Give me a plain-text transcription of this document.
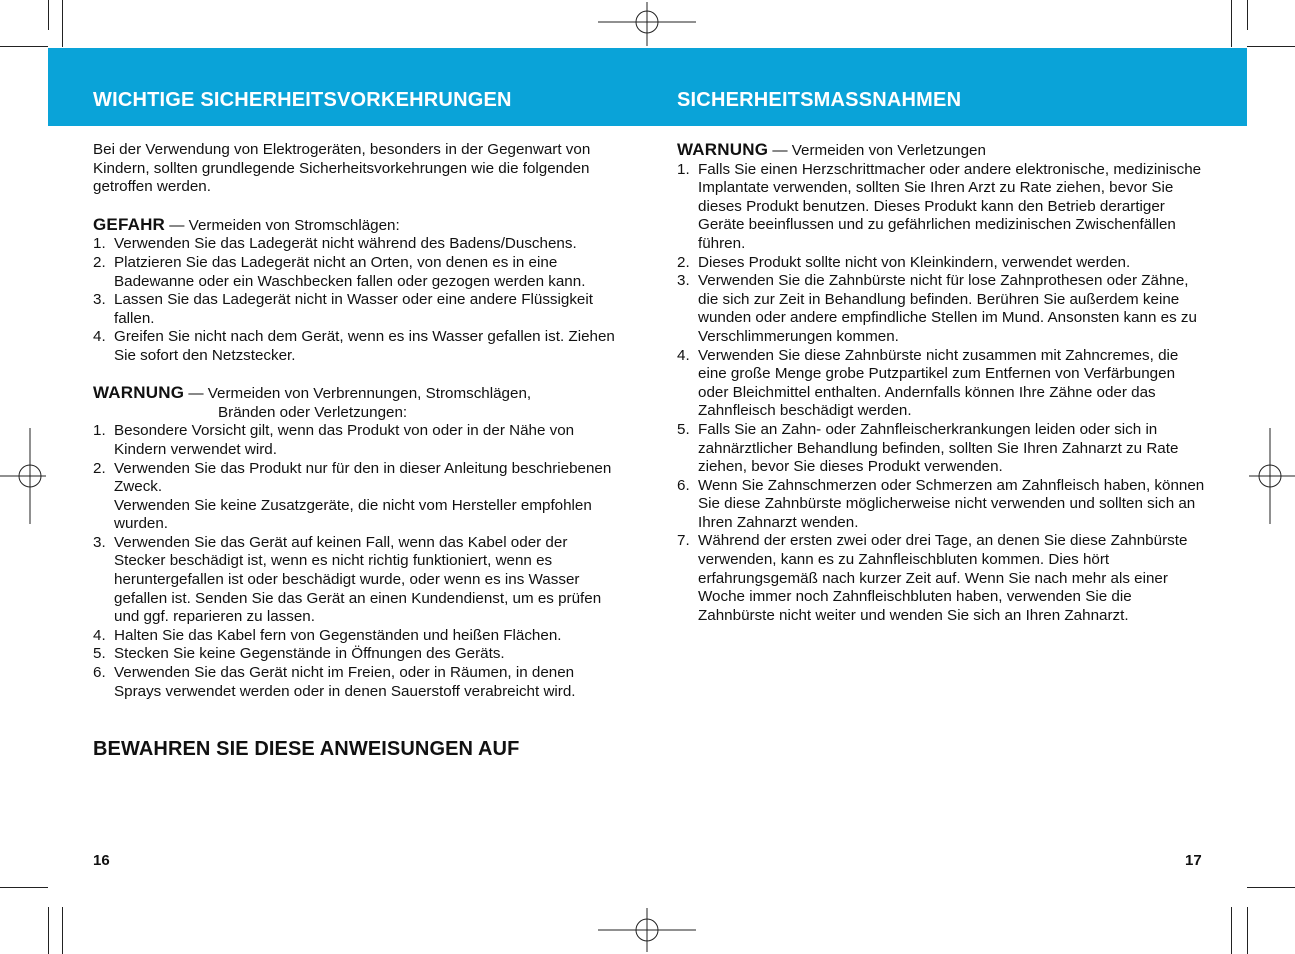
WICHTIGE SICHERHEITSVORKEHRUNGEN	SICHERHEITSMASSNAHMEN

Bei der Verwendung von Elektrogeräten, besonders in der Gegenwart von Kindern, sollten grundlegende Sicherheitsvorkehrungen wie die folgenden getroffen werden.

GEFAHR — Vermeiden von Stromschlägen:

1. Verwenden Sie das Ladegerät nicht während des Badens/Duschens.
2. Platzieren Sie das Ladegerät nicht an Orten, von denen es in eine Badewanne oder ein Waschbecken fallen oder gezogen werden kann.
3. Lassen Sie das Ladegerät nicht in Wasser oder eine andere Flüssigkeit fallen.
4. Greifen Sie nicht nach dem Gerät, wenn es ins Wasser gefallen ist. Ziehen Sie sofort den Netzstecker.

WARNUNG — Vermeiden von Verbrennungen, Stromschlägen,

Bränden oder Verletzungen:

1. Besondere Vorsicht gilt, wenn das Produkt von oder in der Nähe von Kindern verwendet wird.
2. Verwenden Sie das Produkt nur für den in dieser Anleitung beschriebenen Zweck.
Verwenden Sie keine Zusatzgeräte, die nicht vom Hersteller empfohlen wurden.
3. Verwenden Sie das Gerät auf keinen Fall, wenn das Kabel oder der Stecker beschädigt ist, wenn es nicht richtig funktioniert, wenn es heruntergefallen ist oder beschädigt wurde, oder wenn es ins Wasser gefallen ist. Senden Sie das Gerät an einen Kundendienst, um es prüfen und ggf. reparieren zu lassen.
4. Halten Sie das Kabel fern von Gegenständen und heißen Flächen.
5. Stecken Sie keine Gegenstände in Öffnungen des Geräts.
6. Verwenden Sie das Gerät nicht im Freien, oder in Räumen, in denen Sprays verwendet werden oder in denen Sauerstoff verabreicht wird.
BEWAHREN SIE DIESE ANWEISUNGEN AUF

WARNUNG — Vermeiden von Verletzungen

1. Falls Sie einen Herzschrittmacher oder andere elektronische, medizinische Implantate verwenden, sollten Sie Ihren Arzt zu Rate ziehen, bevor Sie dieses Produkt benutzen. Dieses Produkt kann den Betrieb derartiger Geräte beeinflussen und zu gefährlichen medizinischen Zwischenfällen führen.
2. Dieses Produkt sollte nicht von Kleinkindern, verwendet werden.
3. Verwenden Sie die Zahnbürste nicht für lose Zahnprothesen oder Zähne, die sich zur Zeit in Behandlung befinden. Berühren Sie außerdem keine wunden oder andere empfindliche Stellen im Mund. Ansonsten kann es zu Verschlimmerungen kommen.
4. Verwenden Sie diese Zahnbürste nicht zusammen mit Zahncremes, die eine große Menge grobe Putzpartikel zum Entfernen von Verfärbungen oder Bleichmittel enthalten. Andernfalls können Ihre Zähne oder das Zahnfleisch beschädigt werden.
5. Falls Sie an Zahn- oder Zahnfleischerkrankungen leiden oder sich in zahnärztlicher Behandlung befinden, sollten Sie Ihren Zahnarzt zu Rate ziehen, bevor Sie dieses Produkt verwenden.
6. Wenn Sie Zahnschmerzen oder Schmerzen am Zahnfleisch haben, können Sie diese Zahnbürste möglicherweise nicht verwenden und sollten sich an Ihren Zahnarzt wenden.
7. Während der ersten zwei oder drei Tage, an denen Sie diese Zahnbürste verwenden, kann es zu Zahnfleischbluten kommen. Dies hört erfahrungsgemäß nach kurzer Zeit auf. Wenn Sie nach mehr als einer Woche immer noch Zahnfleischbluten haben, verwenden Sie die Zahnbürste nicht weiter und wenden Sie sich an Ihren Zahnarzt.
16	17
